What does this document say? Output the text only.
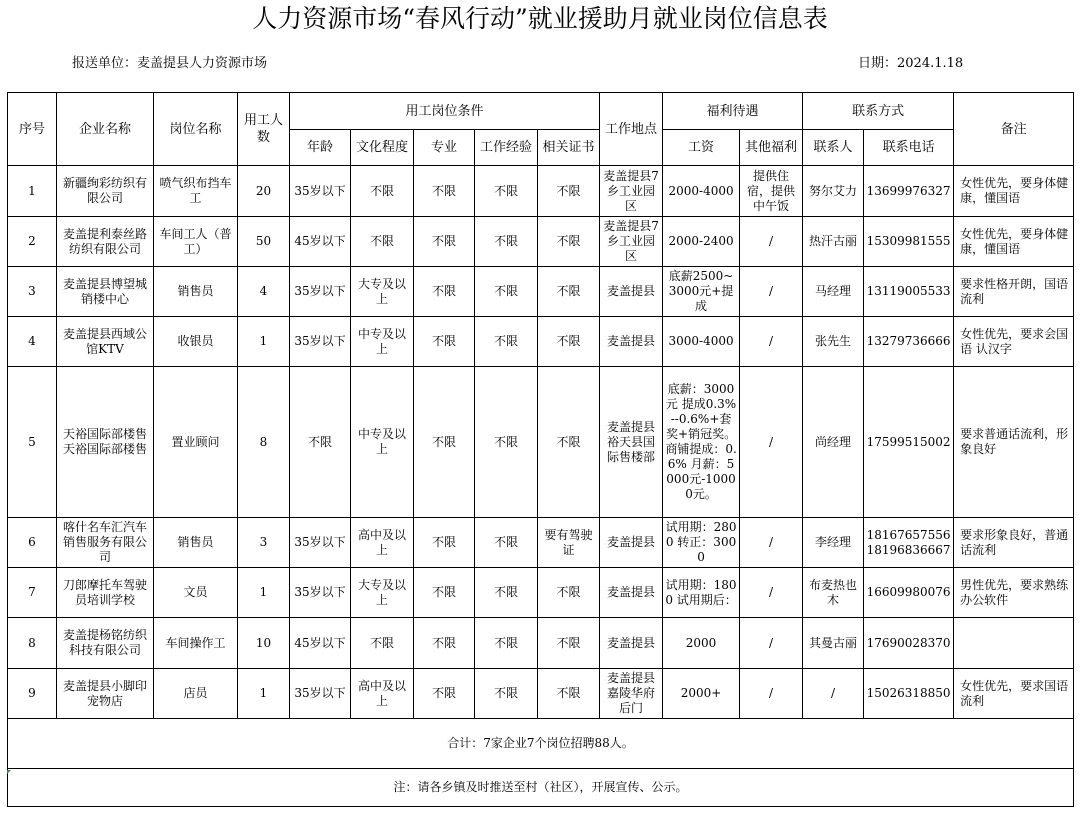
人力资源市场“春风行动”就业援助月就业岗位信息表
报送单位：麦盖提县人力资源市场	日期：2024.1.18
序号	企业名称	岗位名称	用工人数	用工岗位条件					工作地点	福利待遇		联系方式		备注
				年龄	文化程度	专业	工作经验	相关证书		工资	其他福利	联系人	联系电话	
1	新疆绚彩纺织有限公司	喷气织布挡车工	20	35岁以下	不限	不限	不限	不限	麦盖提县7乡工业园区	2000-4000	提供住宿，提供中午饭	努尔艾力	13699976327	女性优先，要身体健康，懂国语
2	麦盖提利泰丝路纺织有限公司	车间工人（普工）	50	45岁以下	不限	不限	不限	不限	麦盖提县7乡工业园区	2000-2400	/	热汗古丽	15309981555	女性优先，要身体健康，懂国语
3	麦盖提县博望城销楼中心	销售员	4	35岁以下	大专及以上	不限	不限	不限	麦盖提县	底薪2500~3000元+提成	/	马经理	13119005533	要求性格开朗，国语流利
4	麦盖提县西域公馆KTV	收银员	1	35岁以下	中专及以上	不限	不限	不限	麦盖提县	3000-4000	/	张先生	13279736666	女性优先，要求会国语 认汉字
5	天裕国际部楼售天裕国际部楼售	置业顾问	8	不限	中专及以上	不限	不限	不限	麦盖提县裕天县国际售楼部	底薪：3000元 提成0.3%--0.6%+套奖+销冠奖。商铺提成：0.6% 月薪：5000元-10000元。	/	尚经理	17599515002	要求普通话流利，形象良好
6	喀什名车汇汽车销售服务有限公司	销售员	3	35岁以下	高中及以上	不限	不限	要有驾驶证	麦盖提县	试用期：2800 转正：3000	/	李经理	18167657556 18196836667	要求形象良好，普通话流利
7	刀郎摩托车驾驶员培训学校	文员	1	35岁以下	大专及以上	不限	不限	不限	麦盖提县	试用期：1800 试用期后：	/	布麦热也木	16609980076	男性优先，要求熟练办公软件
8	麦盖提杨铭纺织科技有限公司	车间操作工	10	45岁以下	不限	不限	不限	不限	麦盖提县	2000	/	其曼古丽	17690028370	
9	麦盖提县小脚印宠物店	店员	1	35岁以下	高中及以上	不限	不限	不限	麦盖提县嘉陵华府后门	2000+	/	/	15026318850	女性优先，要求国语流利
合计：7家企业7个岗位招聘88人。														
注：请各乡镇及时推送至村（社区），开展宣传、公示。														
